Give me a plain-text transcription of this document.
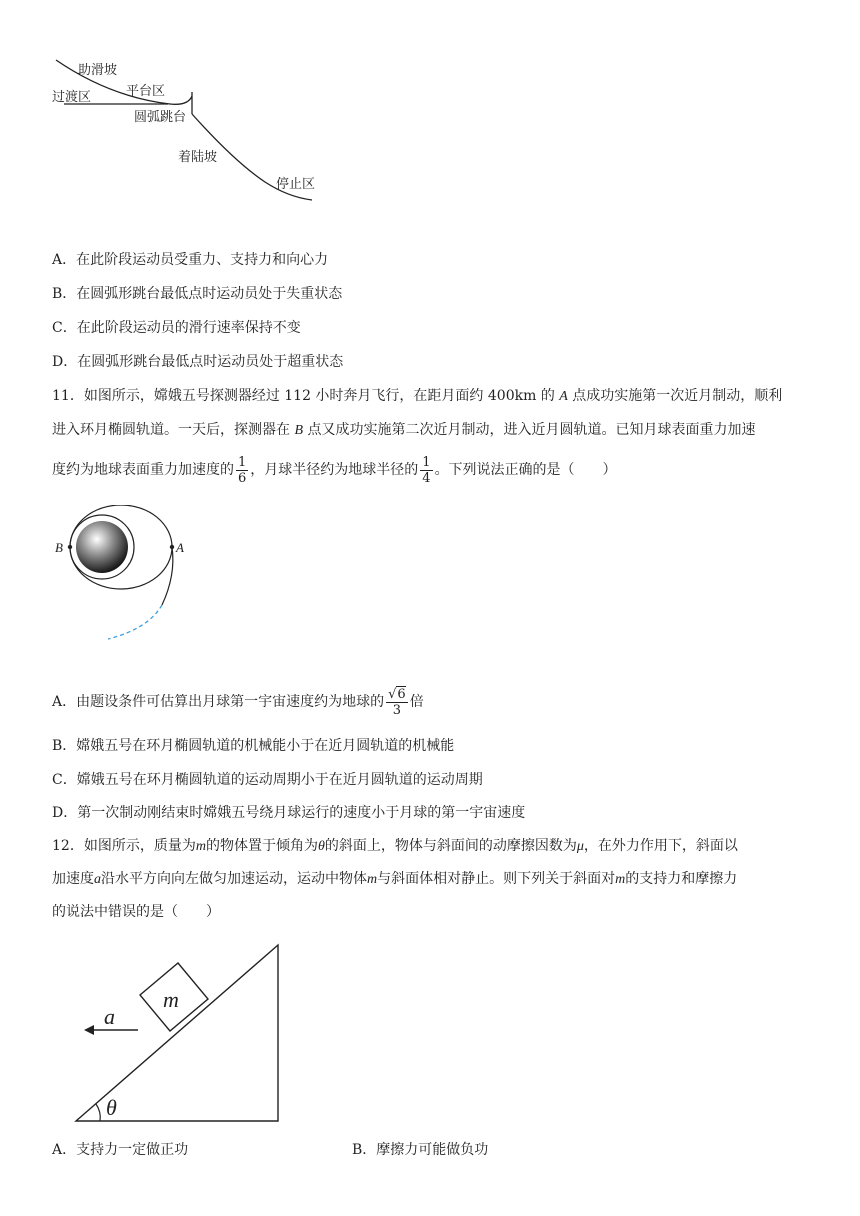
助滑坡
平台区
过渡区
圆弧跳台
着陆坡
停止区
A．在此阶段运动员受重力、支持力和向心力
B．在圆弧形跳台最低点时运动员处于失重状态
C．在此阶段运动员的滑行速率保持不变
D．在圆弧形跳台最低点时运动员处于超重状态
11．如图所示，嫦娥五号探测器经过 112 小时奔月飞行，在距月面约 400km 的 A 点成功实施第一次近月制动，顺利
进入环月椭圆轨道。一天后，探测器在 B 点又成功实施第二次近月制动，进入近月圆轨道。已知月球表面重力加速
度约为地球表面重力加速度的 $\frac{1}{6}$ ，月球半径约为地球半径的 $\frac{1}{4}$ 。下列说法正确的是（　　）
B	A
A．由题设条件可估算出月球第一宇宙速度约为地球的 $\frac{√6}{3}$ 倍
B．嫦娥五号在环月椭圆轨道的机械能小于在近月圆轨道的机械能
C．嫦娥五号在环月椭圆轨道的运动周期小于在近月圆轨道的运动周期
D．第一次制动刚结束时嫦娥五号绕月球运行的速度小于月球的第一宇宙速度
12．如图所示，质量为m的物体置于倾角为θ的斜面上，物体与斜面间的动摩擦因数为μ，在外力作用下，斜面以
加速度a沿水平方向向左做匀加速运动，运动中物体m与斜面体相对静止。则下列关于斜面对m的支持力和摩擦力
的说法中错误的是（　　）
m
a
θ
A．支持力一定做正功	B．摩擦力可能做负功
